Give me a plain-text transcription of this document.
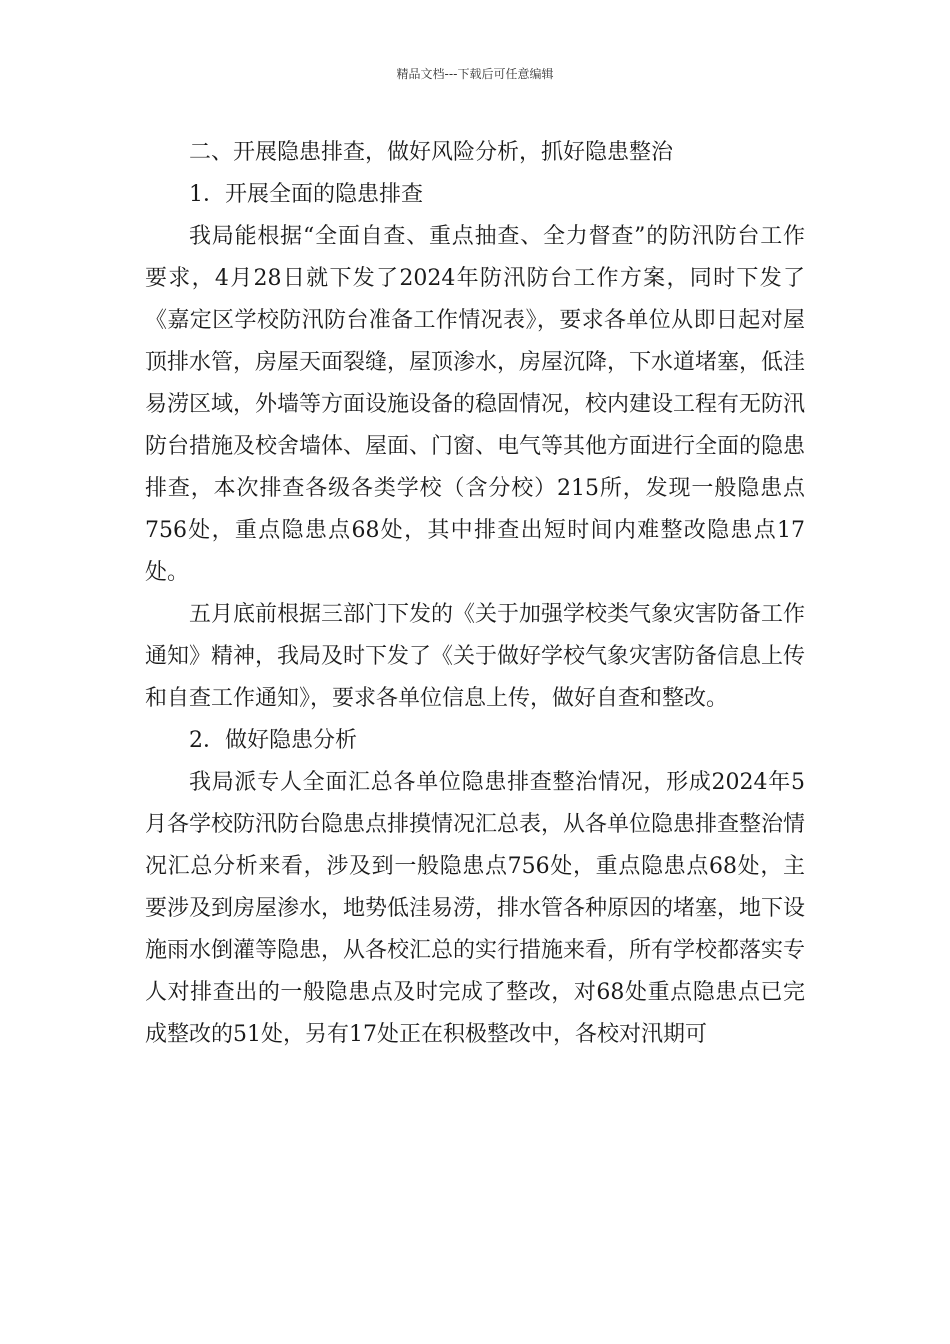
精品文档---下载后可任意编辑

二、开展隐患排查，做好风险分析，抓好隐患整治

1．开展全面的隐患排查

我局能根据“全面自查、重点抽查、全力督查”的防汛防台工作要求，4月28日就下发了2024年防汛防台工作方案，同时下发了《嘉定区学校防汛防台准备工作情况表》，要求各单位从即日起对屋顶排水管，房屋天面裂缝，屋顶渗水，房屋沉降，下水道堵塞，低洼易涝区域，外墙等方面设施设备的稳固情况，校内建设工程有无防汛防台措施及校舍墙体、屋面、门窗、电气等其他方面进行全面的隐患排查，本次排查各级各类学校（含分校）215所，发现一般隐患点756处，重点隐患点68处，其中排查出短时间内难整改隐患点17处。

五月底前根据三部门下发的《关于加强学校类气象灾害防备工作通知》精神，我局及时下发了《关于做好学校气象灾害防备信息上传和自查工作通知》，要求各单位信息上传，做好自查和整改。

2．做好隐患分析

我局派专人全面汇总各单位隐患排查整治情况，形成2024年5月各学校防汛防台隐患点排摸情况汇总表，从各单位隐患排查整治情况汇总分析来看，涉及到一般隐患点756处，重点隐患点68处，主要涉及到房屋渗水，地势低洼易涝，排水管各种原因的堵塞，地下设施雨水倒灌等隐患，从各校汇总的实行措施来看，所有学校都落实专人对排查出的一般隐患点及时完成了整改，对68处重点隐患点已完成整改的51处，另有17处正在积极整改中，各校对汛期可
